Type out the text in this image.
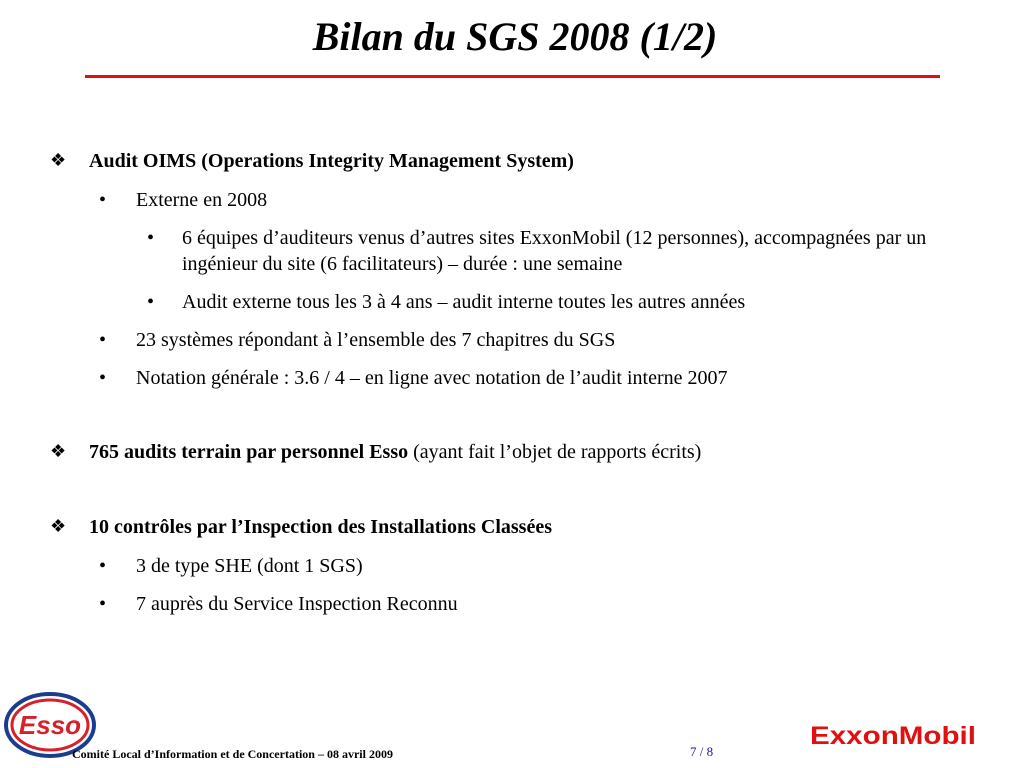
Bilan du SGS 2008 (1/2)
❖ Audit OIMS (Operations Integrity Management System)
• Externe en 2008
• 6 équipes d’auditeurs venus d’autres sites ExxonMobil (12 personnes), accompagnées par un ingénieur du site (6 facilitateurs) – durée : une semaine
• Audit externe tous les 3 à 4 ans – audit interne toutes les autres années
• 23 systèmes répondant à l’ensemble des 7 chapitres du SGS
• Notation générale : 3.6 / 4 – en ligne avec notation de l’audit interne 2007
❖ 765 audits terrain par personnel Esso (ayant fait l’objet de rapports écrits)
❖ 10 contrôles par l’Inspection des Installations Classées
• 3 de type SHE (dont 1 SGS)
• 7 auprès du Service Inspection Reconnu
Esso	ExxonMobil
Comité Local d’Information et de Concertation – 08 avril 2009	7 / 8
